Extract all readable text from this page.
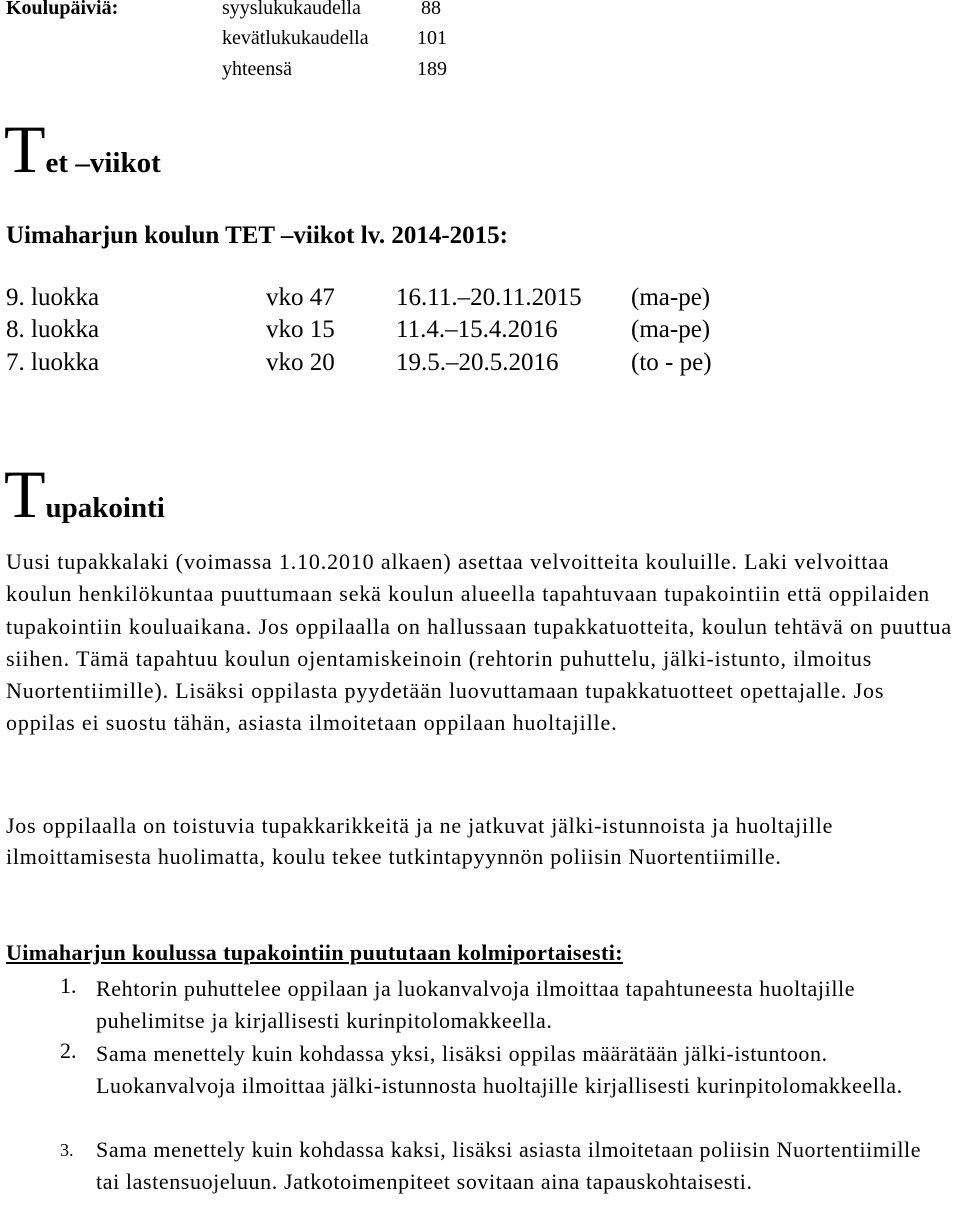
Koulupäiviä:	syyslukukaudella	88
kevätlukukaudella	101
yhteensä	189
Tet –viikot
Uimaharjun koulun TET –viikot lv. 2014-2015:
9. luokka	vko 47 16.11.–20.11.2015 (ma-pe)
8. luokka	vko 15 11.4.–15.4.2016	(ma-pe)
7. luokka	vko 20 19.5.–20.5.2016	(to - pe)
Tupakointi
Uusi tupakkalaki (voimassa 1.10.2010 alkaen) asettaa velvoitteita kouluille. Laki velvoittaa koulun henkilökuntaa puuttumaan sekä koulun alueella tapahtuvaan tupakointiin että oppilaiden tupakointiin kouluaikana. Jos oppilaalla on hallussaan tupakkatuotteita, koulun tehtävä on puuttua siihen. Tämä tapahtuu koulun ojentamiskeinoin (rehtorin puhuttelu, jälki-istunto, ilmoitus Nuortentiimille). Lisäksi oppilasta pyydetään luovuttamaan tupakkatuotteet opettajalle. Jos oppilas ei suostu tähän, asiasta ilmoitetaan oppilaan huoltajille.
Jos oppilaalla on toistuvia tupakkarikkeitä ja ne jatkuvat jälki-istunnoista ja huoltajille ilmoittamisesta huolimatta, koulu tekee tutkintapyynnön poliisin Nuortentiimille.
Uimaharjun koulussa tupakointiin puututaan kolmiportaisesti:
1. Rehtorin puhuttelee oppilaan ja luokanvalvoja ilmoittaa tapahtuneesta huoltajille puhelimitse ja kirjallisesti kurinpitolomakkeella.
2. Sama menettely kuin kohdassa yksi, lisäksi oppilas määrätään jälki-istuntoon. Luokanvalvoja ilmoittaa jälki-istunnosta huoltajille kirjallisesti kurinpitolomakkeella.
3. Sama menettely kuin kohdassa kaksi, lisäksi asiasta ilmoitetaan poliisin Nuortentiimille tai lastensuojeluun. Jatkotoimenpiteet sovitaan aina tapauskohtaisesti.
